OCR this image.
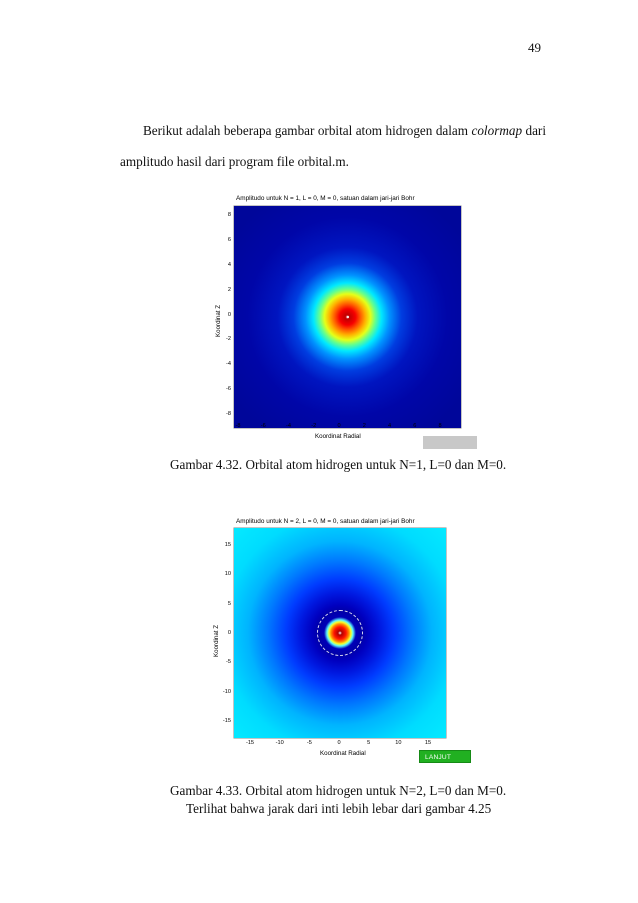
49
Berikut adalah beberapa gambar orbital atom hidrogen dalam colormap dari
amplitudo hasil dari program file orbital.m.
Amplitudo untuk N = 1, L = 0, M = 0, satuan dalam jari-jari Bohr
8
6
4
2
0
-2
-4
-6
-8
-8	-6	-4	-2	0	2	4	6	8
Koordinat Z
Koordinat Radial
Gambar 4.32. Orbital atom hidrogen untuk N=1, L=0 dan M=0.
Amplitudo untuk N = 2, L = 0, M = 0, satuan dalam jari-jari Bohr
15
10
5
0
-5
-10
-15
-15	-10	-5	0	5	10	15
Koordinat Z
Koordinat Radial
LANJUT
Gambar 4.33. Orbital atom hidrogen untuk N=2, L=0 dan M=0.
Terlihat bahwa jarak dari inti lebih lebar dari gambar 4.25
